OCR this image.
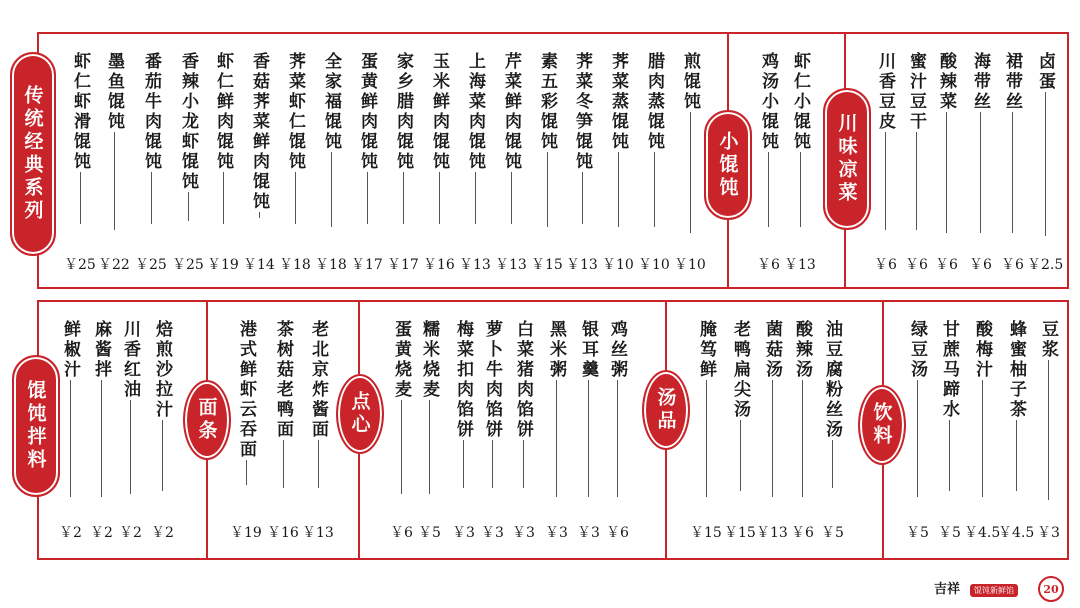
传统经典系列	小馄饨	川味凉菜
馄饨拌料	面条	点心	汤品	饮料
虾仁虾滑馄饨
￥25
墨鱼馄饨
￥22
番茄牛肉馄饨
￥25
香辣小龙虾馄饨
￥25
虾仁鲜肉馄饨
￥19
香菇荠菜鲜肉馄饨
￥14
荠菜虾仁馄饨
￥18
全家福馄饨
￥18
蛋黄鲜肉馄饨
￥17
家乡腊肉馄饨
￥17
玉米鲜肉馄饨
￥16
上海菜肉馄饨
￥13
芹菜鲜肉馄饨
￥13
素五彩馄饨
￥15
荠菜冬笋馄饨
￥13
荠菜蒸馄饨
￥10
腊肉蒸馄饨
￥10
煎馄饨
￥10
鸡汤小馄饨
￥6
虾仁小馄饨
￥13
川香豆皮
￥6
蜜汁豆干
￥6
酸辣菜
￥6
海带丝
￥6
裙带丝
￥6
卤蛋
￥2.5
鲜椒汁
￥2
麻酱拌
￥2
川香红油
￥2
焙煎沙拉汁
￥2
港式鲜虾云吞面
￥19
茶树菇老鸭面
￥16
老北京炸酱面
￥13
蛋黄烧麦
￥6
糯米烧麦
￥5
梅菜扣肉馅饼
￥3
萝卜牛肉馅饼
￥3
白菜猪肉馅饼
￥3
黑米粥
￥3
银耳羹
￥3
鸡丝粥
￥6
腌笃鲜
￥15
老鸭扁尖汤
￥15
菌菇汤
￥13
酸辣汤
￥6
油豆腐粉丝汤
￥5
绿豆汤
￥5
甘蔗马蹄水
￥5
酸梅汁
￥4.5
蜂蜜柚子茶
￥4.5
豆浆
￥3
吉祥	馄饨新鲜馅	20
